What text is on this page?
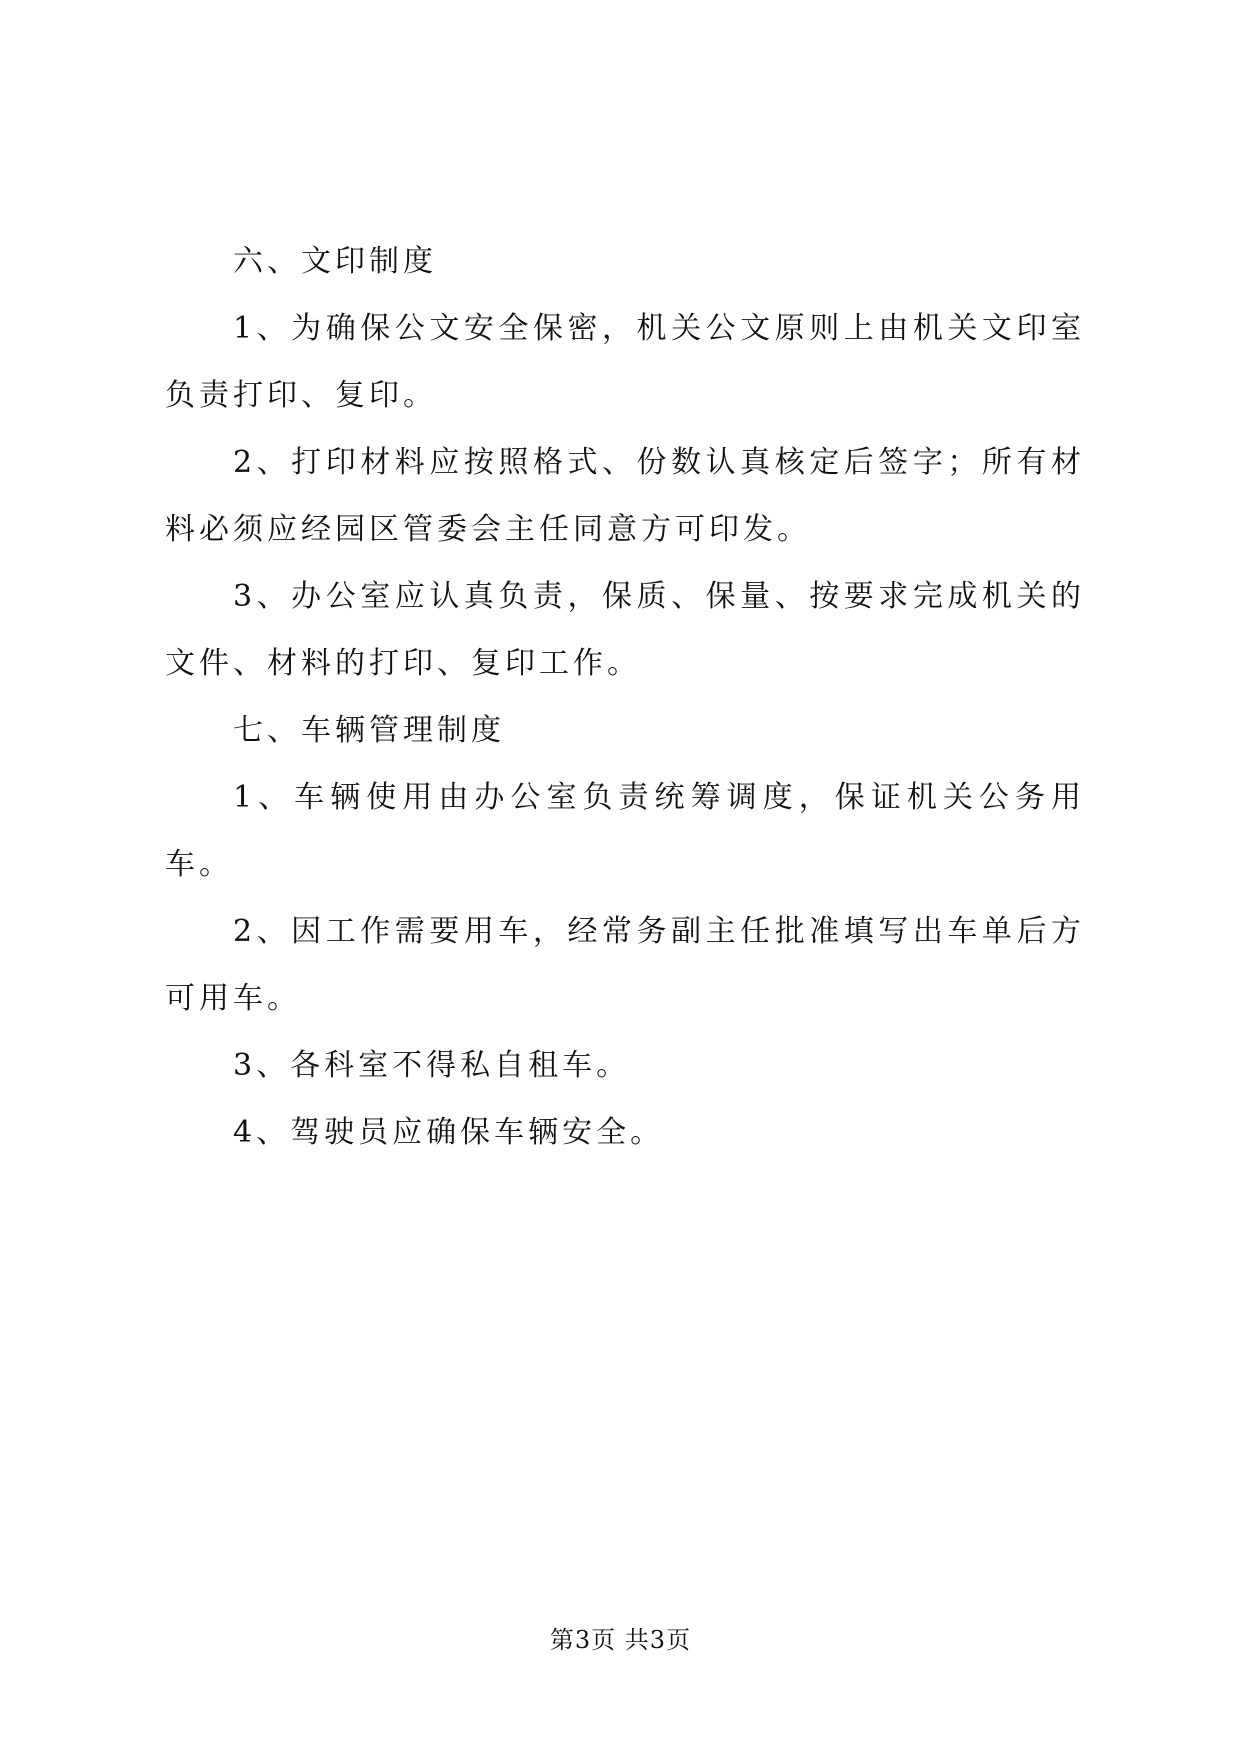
六、文印制度

1、为确保公文安全保密，机关公文原则上由机关文印室负责打印、复印。

2、打印材料应按照格式、份数认真核定后签字；所有材料必须应经园区管委会主任同意方可印发。

3、办公室应认真负责，保质、保量、按要求完成机关的文件、材料的打印、复印工作。

七、车辆管理制度

1、车辆使用由办公室负责统筹调度，保证机关公务用车。

2、因工作需要用车，经常务副主任批准填写出车单后方可用车。

3、各科室不得私自租车。

4、驾驶员应确保车辆安全。

第3页 共3页
